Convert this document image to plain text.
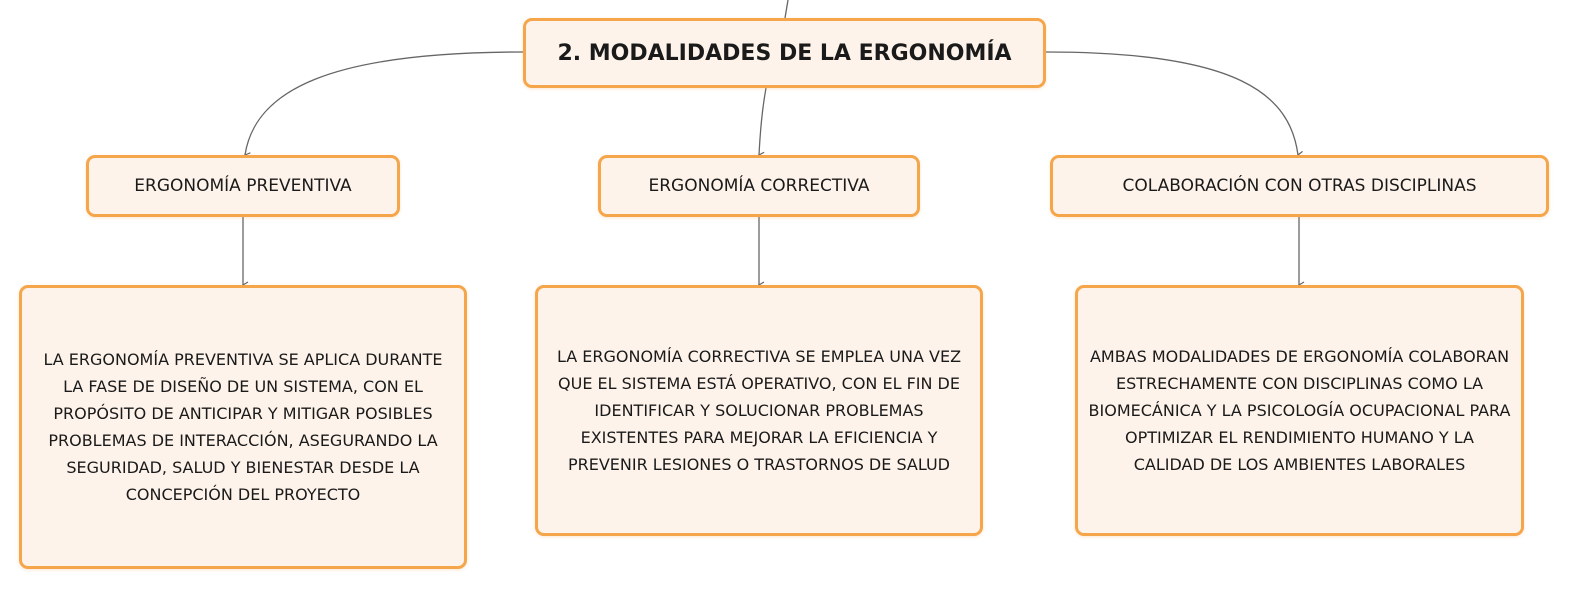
2. MODALIDADES DE LA ERGONOMÍA
ERGONOMÍA PREVENTIVA	ERGONOMÍA CORRECTIVA	COLABORACIÓN CON OTRAS DISCIPLINAS
LA ERGONOMÍA PREVENTIVA SE APLICA DURANTE LA FASE DE DISEÑO DE UN SISTEMA, CON EL PROPÓSITO DE ANTICIPAR Y MITIGAR POSIBLES PROBLEMAS DE INTERACCIÓN, ASEGURANDO LA SEGURIDAD, SALUD Y BIENESTAR DESDE LA CONCEPCIÓN DEL PROYECTO
LA ERGONOMÍA CORRECTIVA SE EMPLEA UNA VEZ QUE EL SISTEMA ESTÁ OPERATIVO, CON EL FIN DE IDENTIFICAR Y SOLUCIONAR PROBLEMAS EXISTENTES PARA MEJORAR LA EFICIENCIA Y PREVENIR LESIONES O TRASTORNOS DE SALUD
AMBAS MODALIDADES DE ERGONOMÍA COLABORAN ESTRECHAMENTE CON DISCIPLINAS COMO LA BIOMECÁNICA Y LA PSICOLOGÍA OCUPACIONAL PARA OPTIMIZAR EL RENDIMIENTO HUMANO Y LA CALIDAD DE LOS AMBIENTES LABORALES
